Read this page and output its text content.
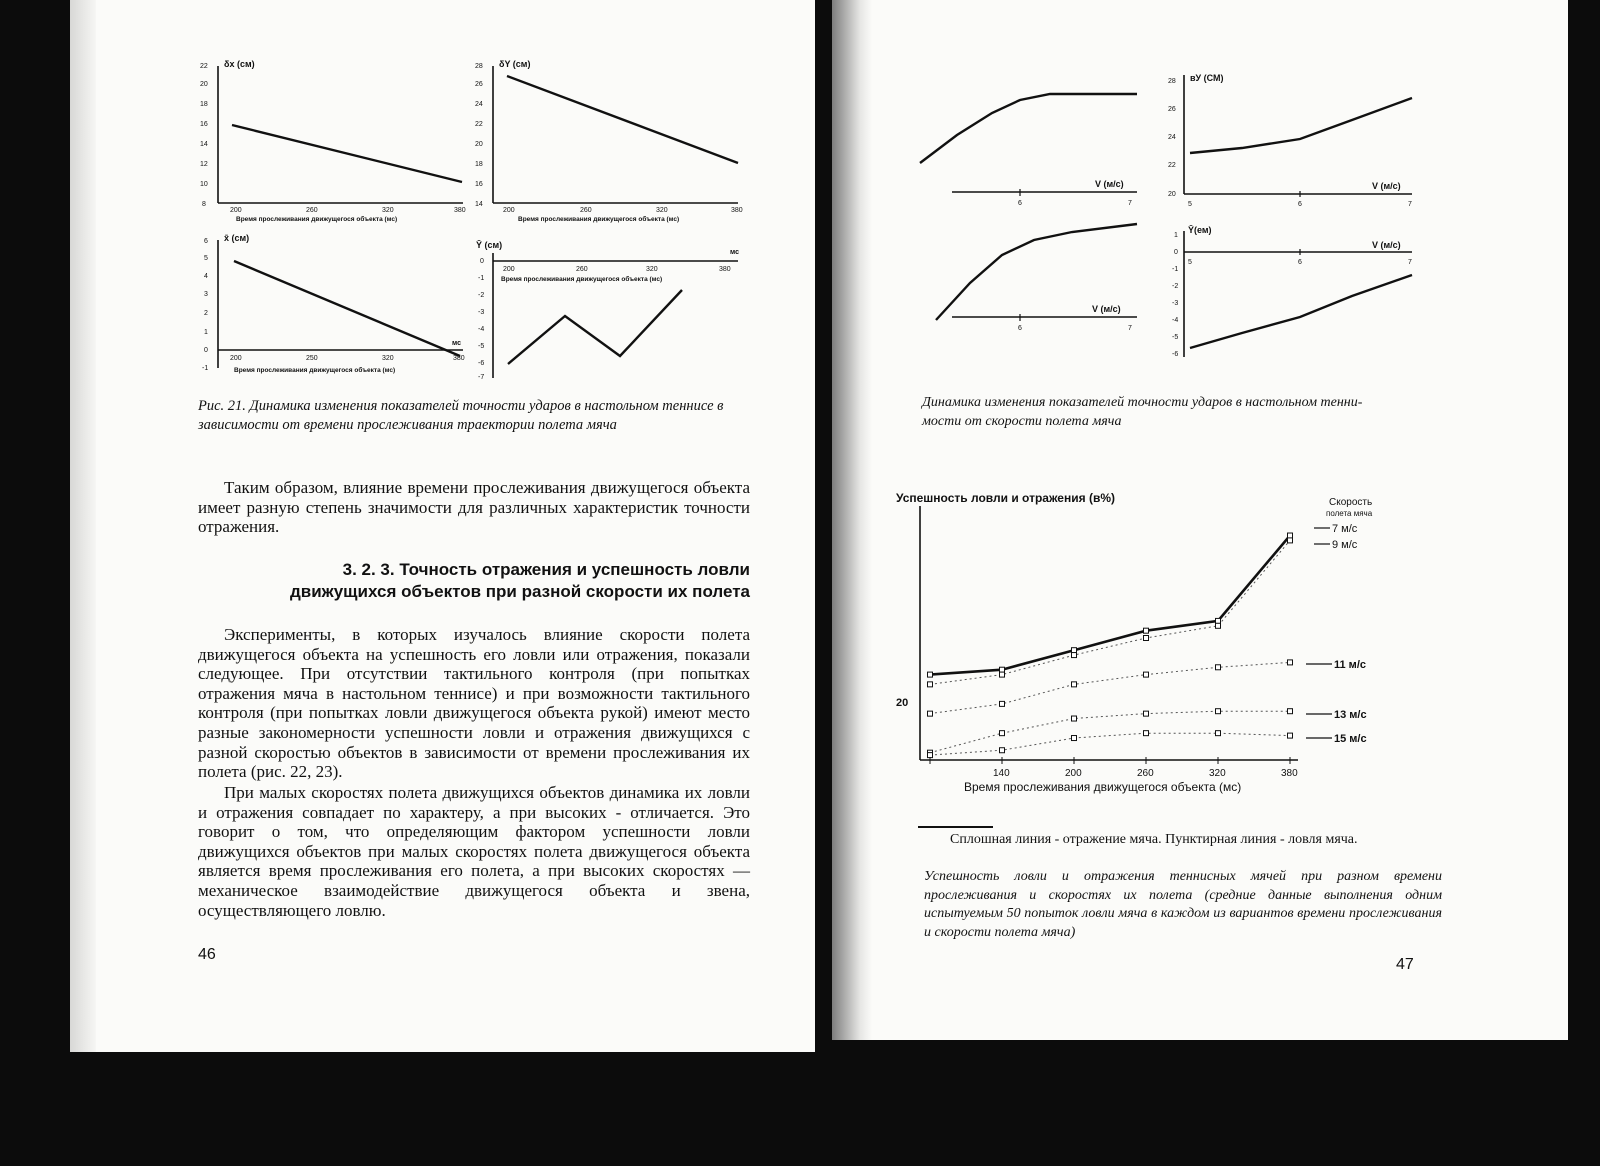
δx (см)
8
10
12
14
16
18
20
22
200	260	320	380
Время прослеживания движущегося объекта (мс)
δY (см)
14
16
18
20
22
24
26
28
200	260	320	380
Время прослеживания движущегося объекта (мс)
x̄ (см)
-1
0
1
2
3
4
5
6
200	250	320	380
мс
Время прослеживания движущегося объекта (мс)
Ȳ (см)
0
-1
-2
-3
-4
-5
-6
-7
200	260	320	380
мс
Время прослеживания движущегося объекта (мс)
Рис. 21. Динамика изменения показателей точности ударов в настольном теннисе в зависимости от времени прослеживания траектории полета мяча

Таким образом, влияние времени прослеживания движущегося объекта имеет разную степень значимости для различных характеристик точности отражения.

3. 2. 3. Точность отражения и успешность ловли
движущихся объектов при разной скорости их полета

Эксперименты, в которых изучалось влияние скорости полета движущегося объекта на успешность его ловли или отражения, показали следующее. При отсутствии тактильного контроля (при попытках отражения мяча в настольном теннисе) и при возможности тактильного контроля (при попытках ловли движущегося объекта рукой) имеют место разные закономерности успешности ловли и отражения движущихся с разной скоростью объектов в зависимости от времени прослеживания их полета (рис. 22, 23).

При малых скоростях полета движущихся объектов динамика их ловли и отражения совпадает по характеру, а при высоких - отличается. Это говорит о том, что определяющим фактором успешности ловли движущихся объектов при малых скоростях полета движущегося объекта является время прослеживания его полета, а при высоких скоростях — механическое взаимодействие движущегося объекта и звена, осуществляющего ловлю.

46
6	7
V (м/с)
вУ (СМ)
20
22
24
26
28
5	6	7
V (м/с)
6	7
V (м/с)
Ȳ(ем)
1
0
-1
-2
-3
-4
-5
-6
5	6	7
V (м/с)
Динамика изменения показателей точности ударов в настольном тенни-
мости от скорости полета мяча
Успешность ловли и отражения (в%)	Скорость
полета мяча
20
140	200	260	320	380
Время прослеживания движущегося объекта (мс)
7 м/с
9 м/с
11 м/с
13 м/с
15 м/с
Сплошная линия - отражение мяча. Пунктирная линия - ловля мяча.
Успешность ловли и отражения теннисных мячей при разном времени прослеживания и скоростях их полета (средние данные выполнения одним испытуемым 50 попыток ловли мяча в каждом из вариантов времени прослеживания и скорости полета мяча)
47
